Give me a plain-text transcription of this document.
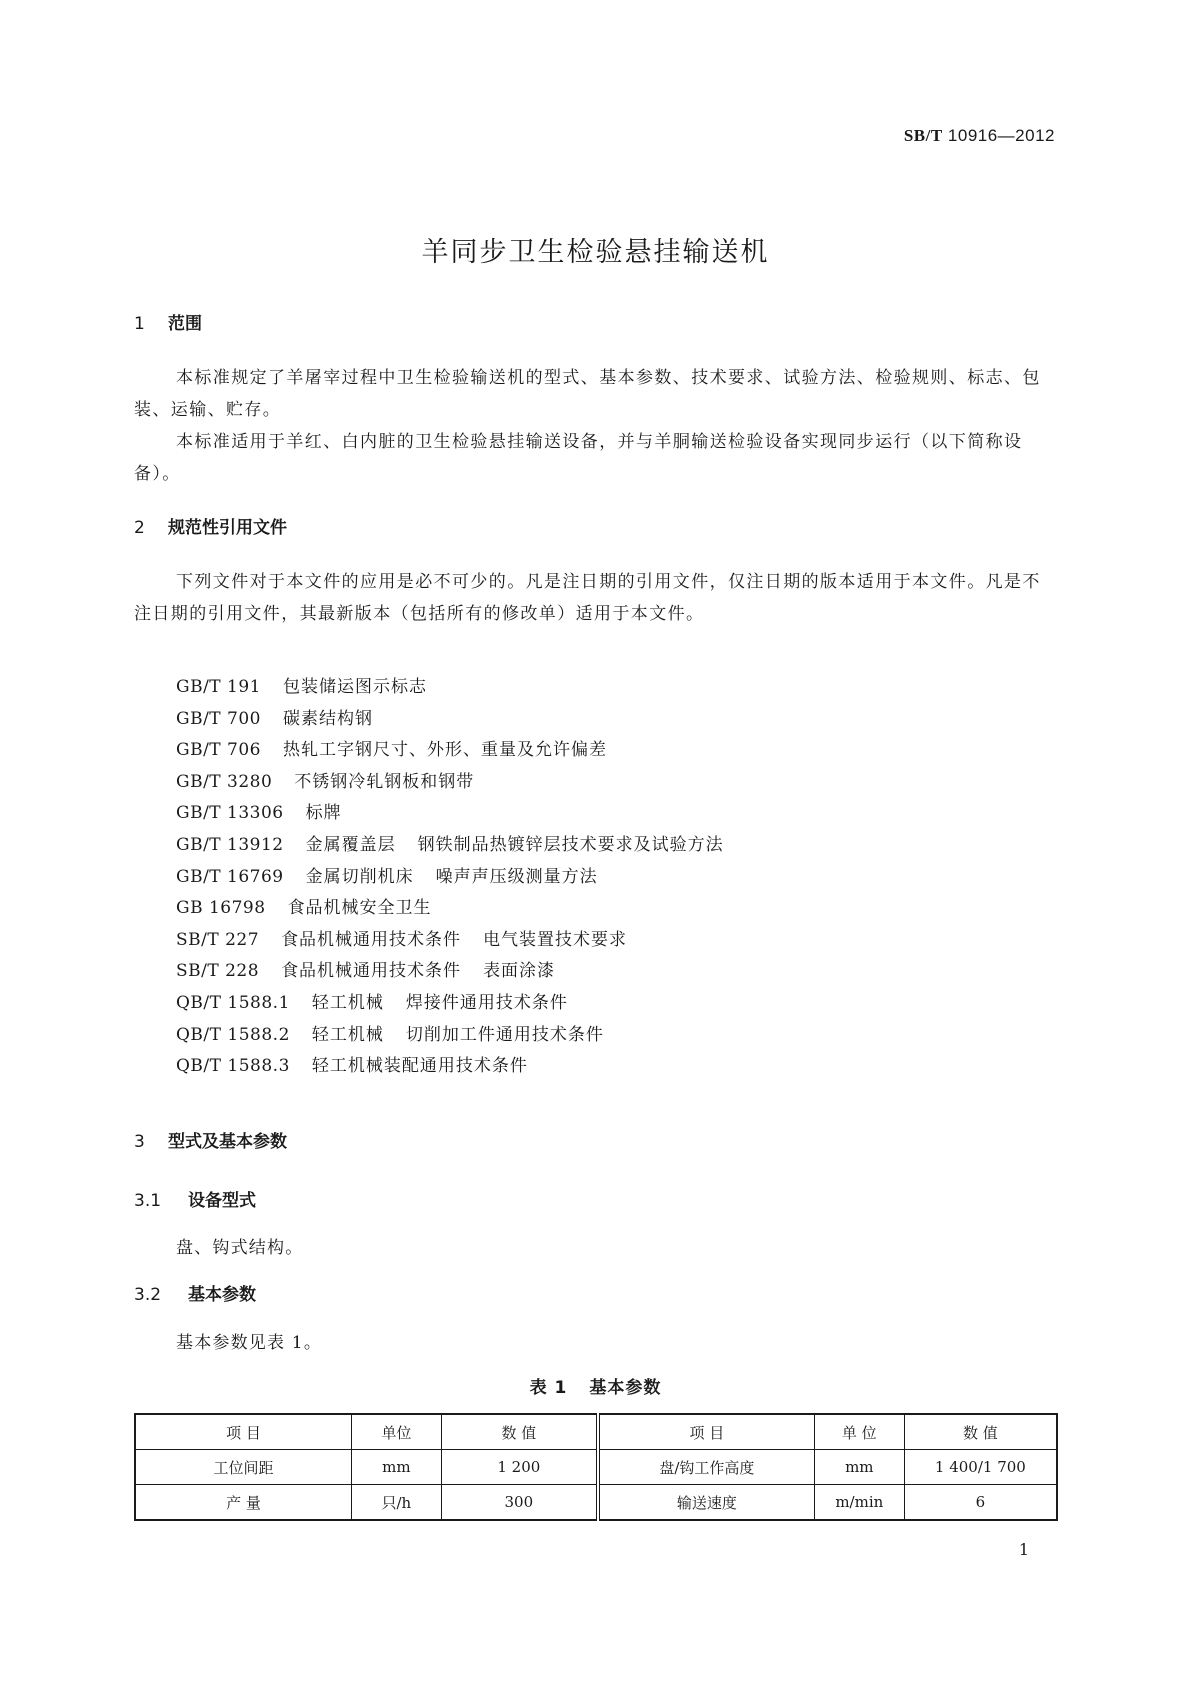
SB/T 10916—2012
羊同步卫生检验悬挂输送机
1 范围
本标准规定了羊屠宰过程中卫生检验输送机的型式、基本参数、技术要求、试验方法、检验规则、标志、包装、运输、贮存。
本标准适用于羊红、白内脏的卫生检验悬挂输送设备，并与羊胴输送检验设备实现同步运行（以下简称设备）。
2 规范性引用文件
下列文件对于本文件的应用是必不可少的。凡是注日期的引用文件，仅注日期的版本适用于本文件。凡是不注日期的引用文件，其最新版本（包括所有的修改单）适用于本文件。
GB/T 191 包装储运图示标志
GB/T 700 碳素结构钢
GB/T 706 热轧工字钢尺寸、外形、重量及允许偏差
GB/T 3280 不锈钢冷轧钢板和钢带
GB/T 13306 标牌
GB/T 13912 金属覆盖层 钢铁制品热镀锌层技术要求及试验方法
GB/T 16769 金属切削机床 噪声声压级测量方法
GB 16798 食品机械安全卫生
SB/T 227 食品机械通用技术条件 电气装置技术要求
SB/T 228 食品机械通用技术条件 表面涂漆
QB/T 1588.1 轻工机械 焊接件通用技术条件
QB/T 1588.2 轻工机械 切削加工件通用技术条件
QB/T 1588.3 轻工机械装配通用技术条件
3 型式及基本参数
3.1 设备型式
盘、钩式结构。
3.2 基本参数
基本参数见表 1。
表 1 基本参数
项 目	单位	数 值	项 目	单 位	数 值
工位间距	mm	1 200	盘/钩工作高度	mm	1 400/1 700
产 量	只/h	300	输送速度	m/min	6
1
